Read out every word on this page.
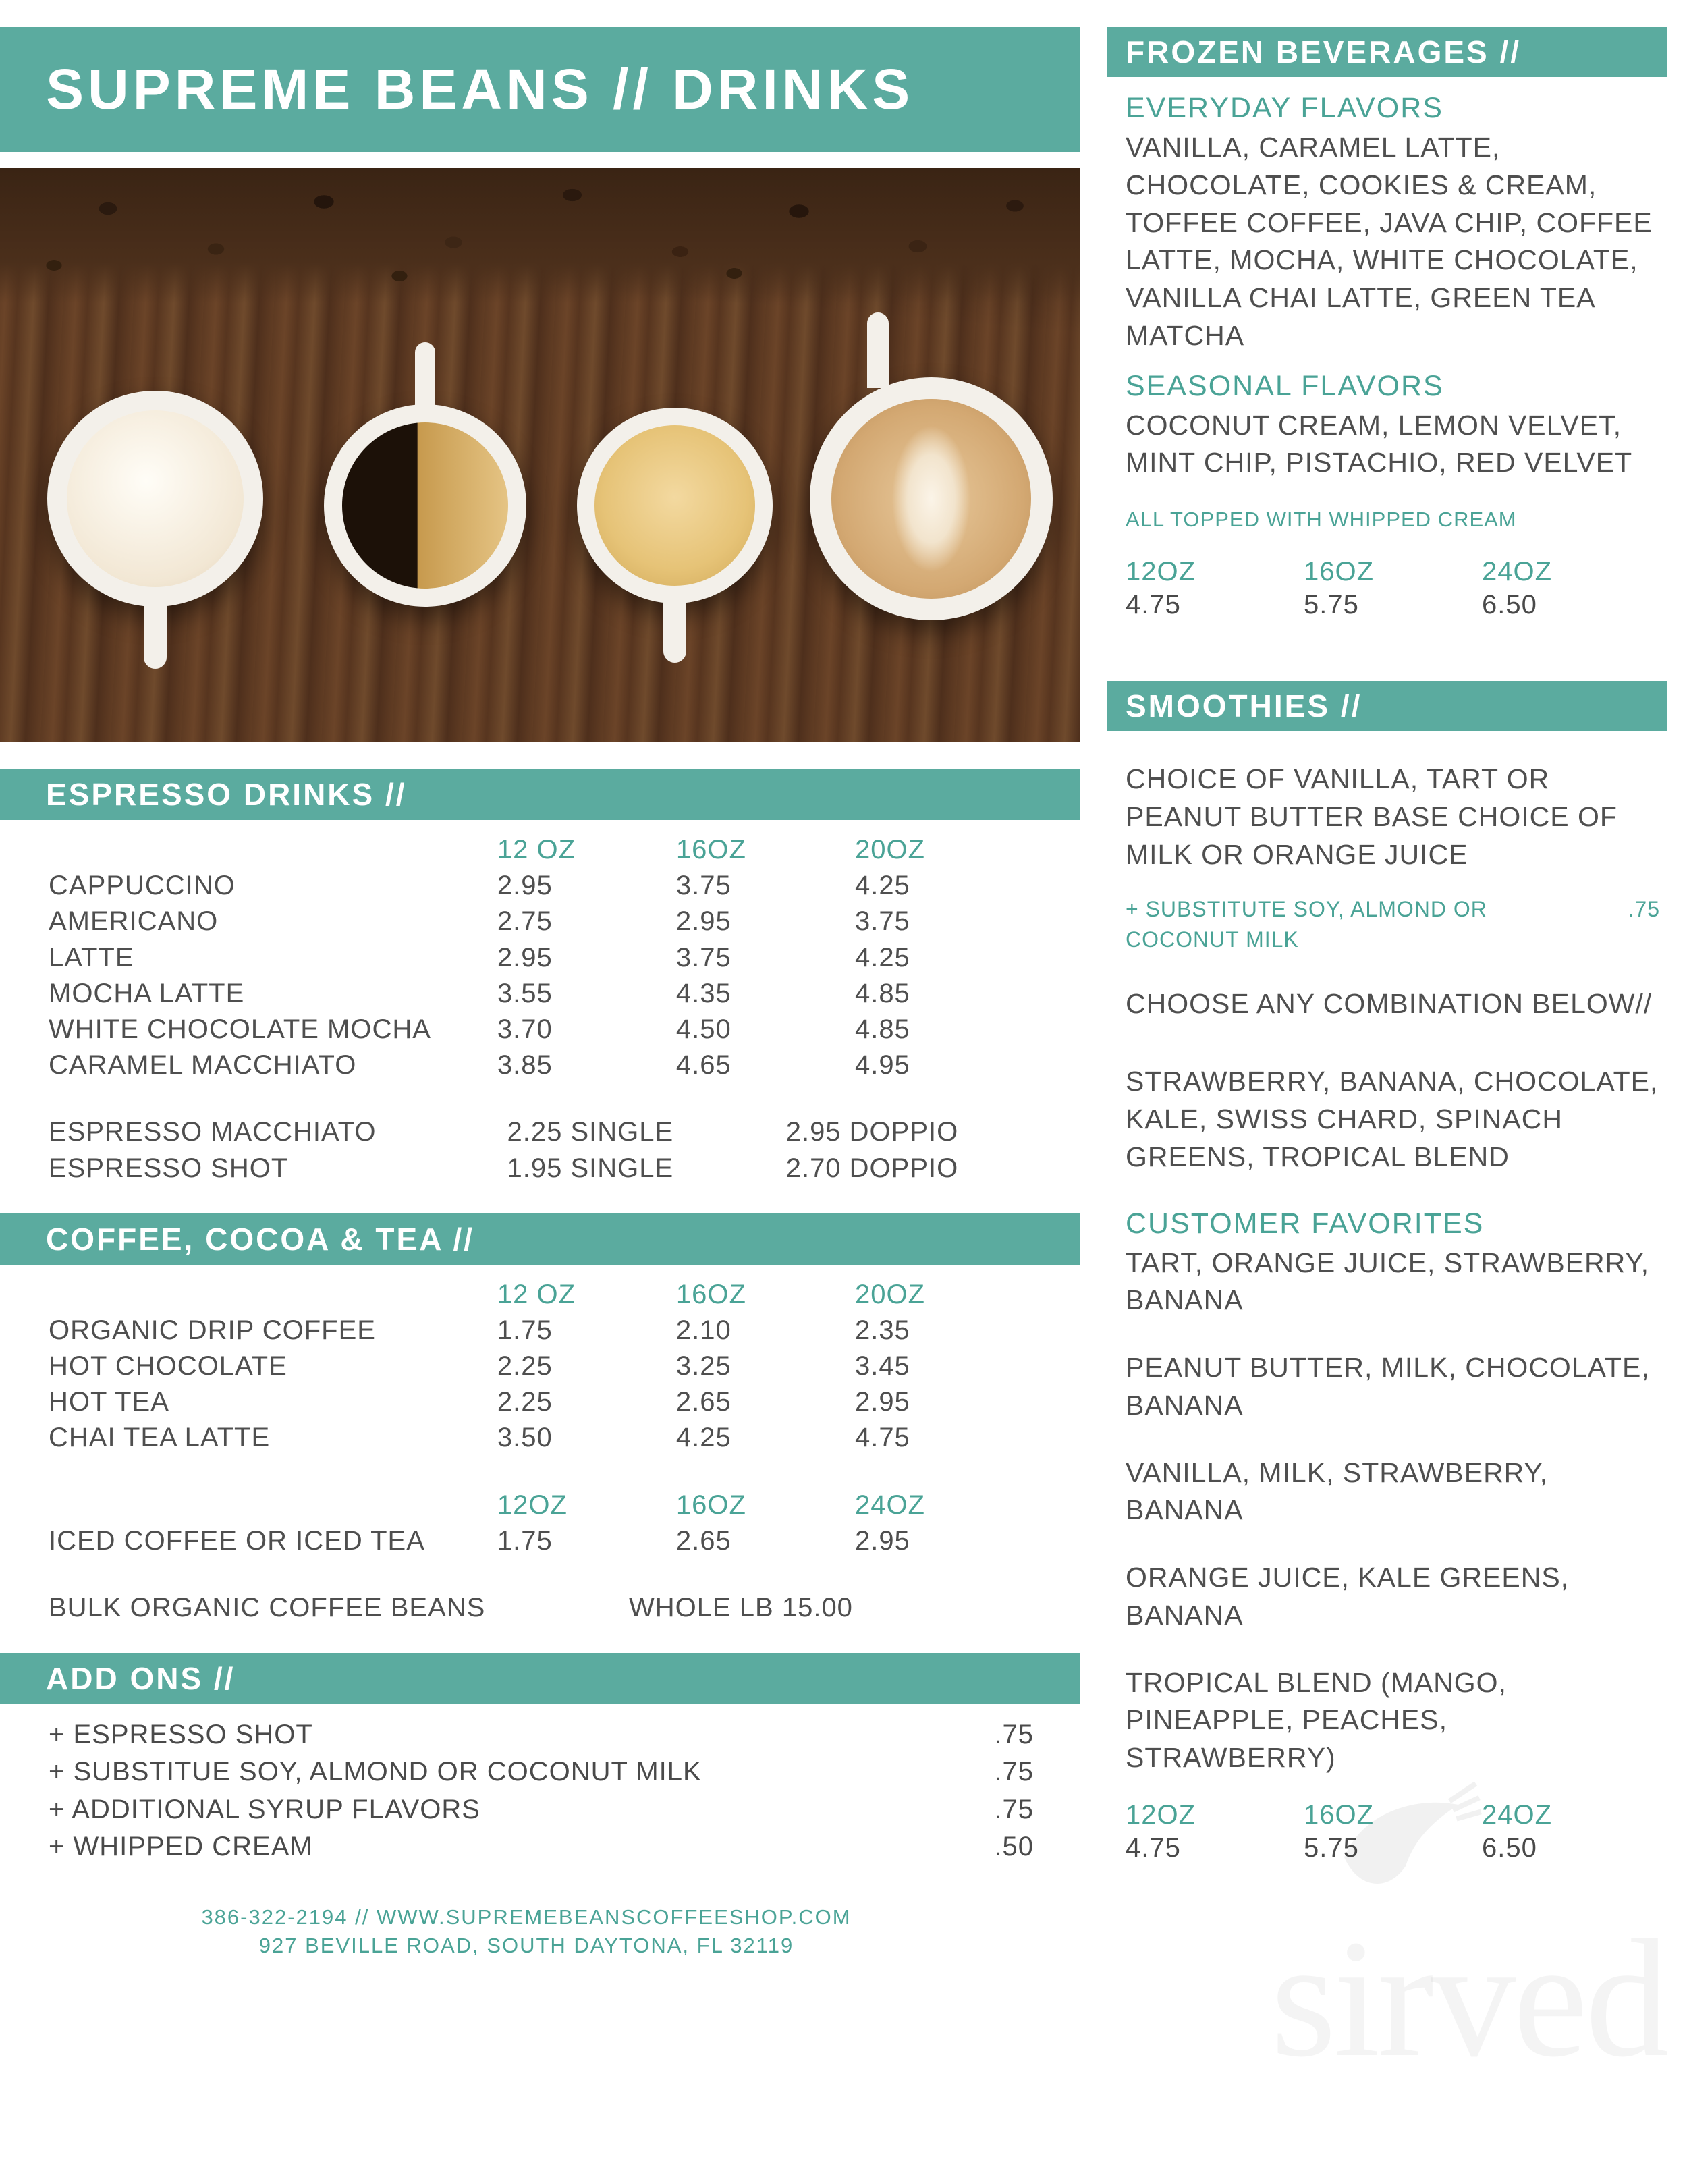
SUPREME BEANS // DRINKS
ESPRESSO DRINKS //
12 OZ	16OZ	20OZ
CAPPUCCINO	2.95	3.75	4.25
AMERICANO	2.75	2.95	3.75
LATTE	2.95	3.75	4.25
MOCHA LATTE	3.55	4.35	4.85
WHITE CHOCOLATE MOCHA	3.70	4.50	4.85
CARAMEL MACCHIATO	3.85	4.65	4.95
ESPRESSO MACCHIATO	2.25 SINGLE	2.95 DOPPIO
ESPRESSO SHOT	1.95 SINGLE	2.70 DOPPIO
COFFEE, COCOA & TEA //
12 OZ	16OZ	20OZ
ORGANIC DRIP COFFEE	1.75	2.10	2.35
HOT CHOCOLATE	2.25	3.25	3.45
HOT TEA	2.25	2.65	2.95
CHAI TEA LATTE	3.50	4.25	4.75
12OZ	16OZ	24OZ
ICED COFFEE OR ICED TEA	1.75	2.65	2.95
BULK ORGANIC COFFEE BEANS	WHOLE LB 15.00
ADD ONS //
+ ESPRESSO SHOT	.75
+ SUBSTITUE SOY, ALMOND OR COCONUT MILK	.75
+ ADDITIONAL SYRUP FLAVORS	.75
+ WHIPPED CREAM	.50
386-322-2194 // WWW.SUPREMEBEANSCOFFEESHOP.COM
927 BEVILLE ROAD, SOUTH DAYTONA, FL 32119
FROZEN BEVERAGES //
EVERYDAY FLAVORS
VANILLA, CARAMEL LATTE, CHOCOLATE, COOKIES & CREAM, TOFFEE COFFEE, JAVA CHIP, COFFEE LATTE, MOCHA, WHITE CHOCOLATE, VANILLA CHAI LATTE, GREEN TEA MATCHA
SEASONAL FLAVORS
COCONUT CREAM, LEMON VELVET, MINT CHIP, PISTACHIO, RED VELVET
ALL TOPPED WITH WHIPPED CREAM
12OZ	16OZ	24OZ
4.75	5.75	6.50
SMOOTHIES //
CHOICE OF VANILLA, TART OR PEANUT BUTTER BASE CHOICE OF MILK OR ORANGE JUICE
+ SUBSTITUTE SOY, ALMOND OR COCONUT MILK
.75
CHOOSE ANY COMBINATION BELOW//
STRAWBERRY, BANANA, CHOCOLATE, KALE, SWISS CHARD, SPINACH GREENS, TROPICAL BLEND
CUSTOMER FAVORITES
TART, ORANGE JUICE, STRAWBERRY, BANANA
PEANUT BUTTER, MILK, CHOCOLATE, BANANA
VANILLA, MILK, STRAWBERRY, BANANA
ORANGE JUICE, KALE GREENS, BANANA
TROPICAL BLEND (MANGO, PINEAPPLE, PEACHES, STRAWBERRY)
12OZ	16OZ	24OZ
4.75	5.75	6.50
